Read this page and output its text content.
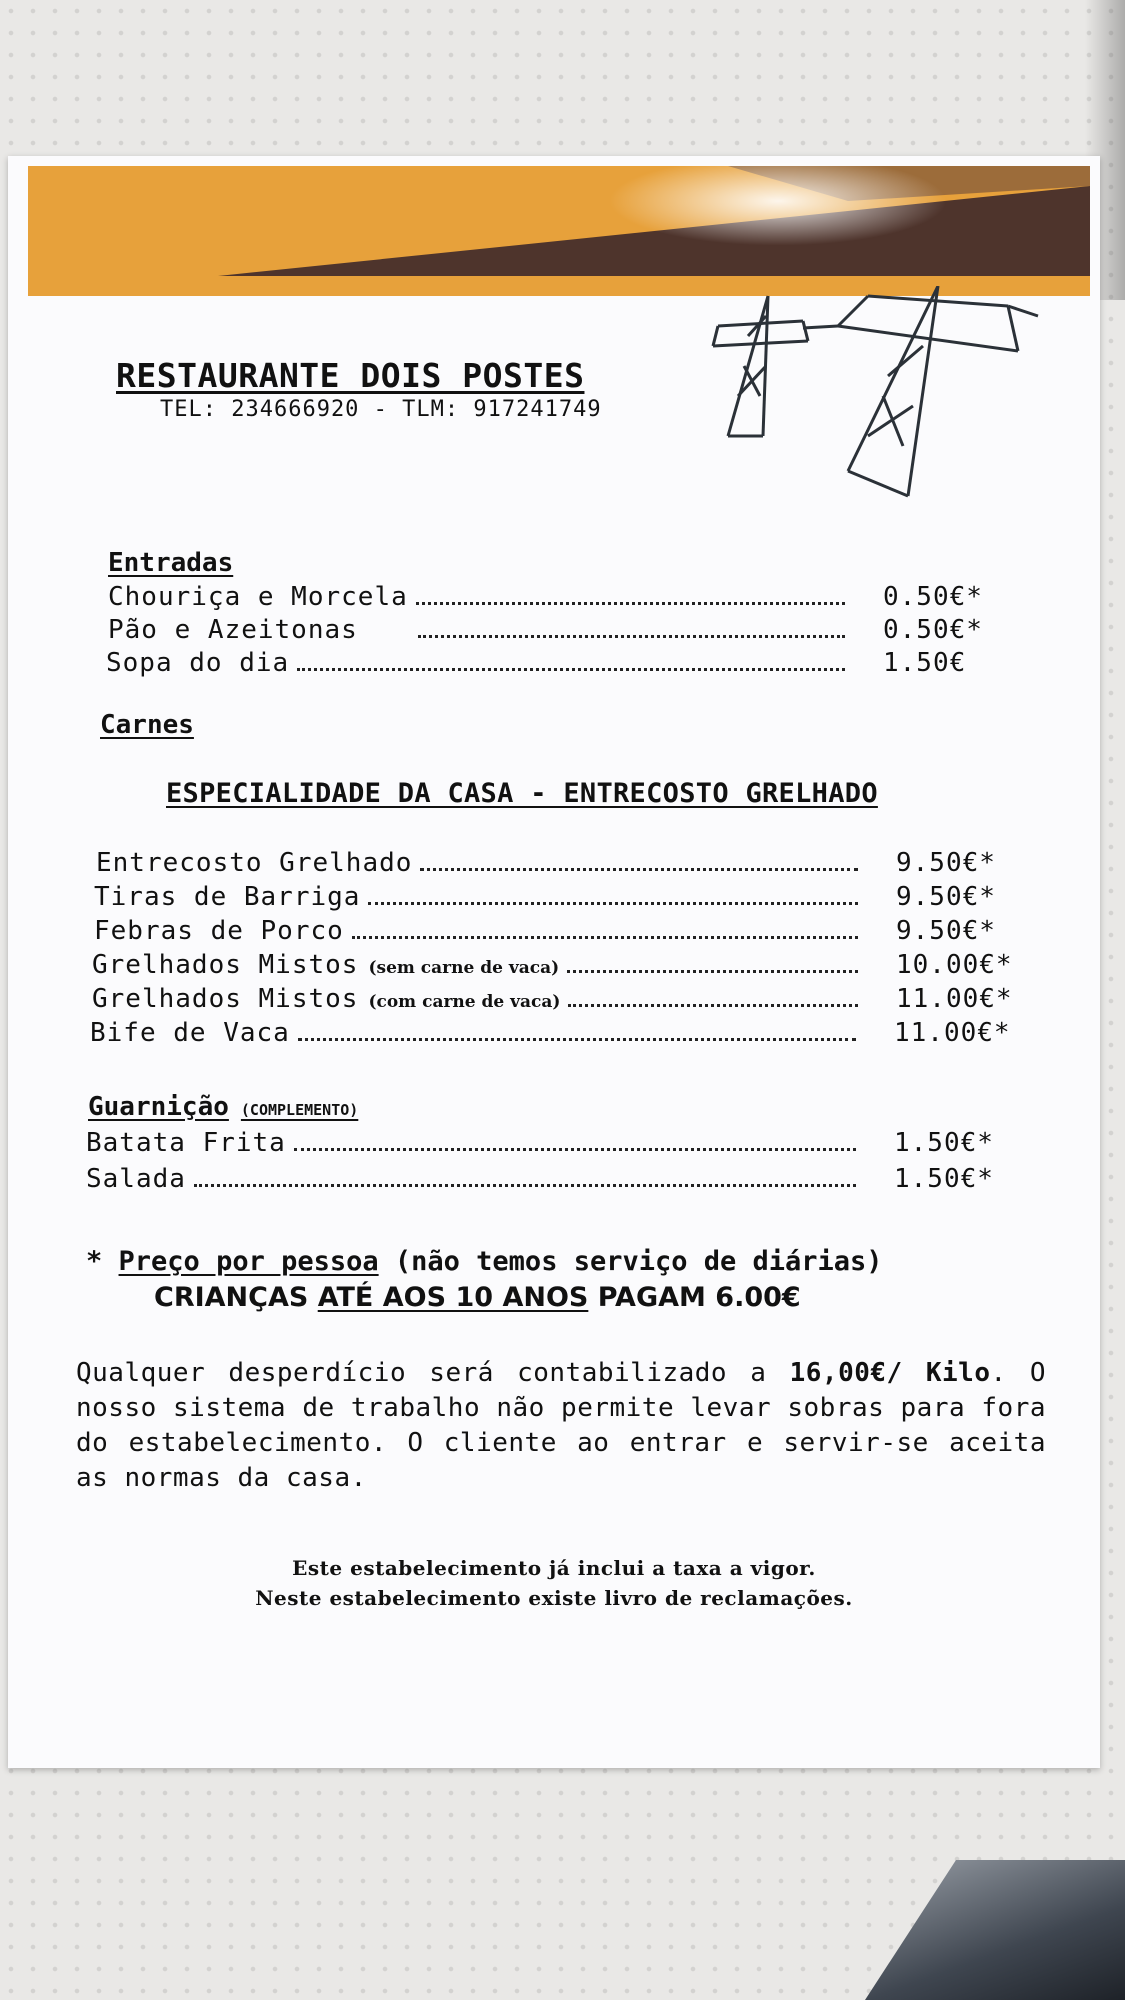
RESTAURANTE DOIS POSTES
TEL: 234666920 - TLM: 917241749
Entradas
Chouriça e Morcela	0.50€*
Pão e Azeitonas	0.50€*
Sopa do dia	1.50€
Carnes
ESPECIALIDADE DA CASA - ENTRECOSTO GRELHADO
Entrecosto Grelhado	9.50€*
Tiras de Barriga	9.50€*
Febras de Porco	9.50€*
Grelhados Mistos (sem carne de vaca)	10.00€*
Grelhados Mistos (com carne de vaca)	11.00€*
Bife de Vaca	11.00€*
Guarnição (COMPLEMENTO)
Batata Frita	1.50€*
Salada	1.50€*
* Preço por pessoa (não temos serviço de diárias)
CRIANÇAS ATÉ AOS 10 ANOS PAGAM 6.00€
Qualquer desperdício será contabilizado a 16,00€/ Kilo. O nosso sistema de trabalho não permite levar sobras para fora do estabelecimento. O cliente ao entrar e servir-se aceita as normas da casa.
Este estabelecimento já inclui a taxa a vigor.
Neste estabelecimento existe livro de reclamações.
